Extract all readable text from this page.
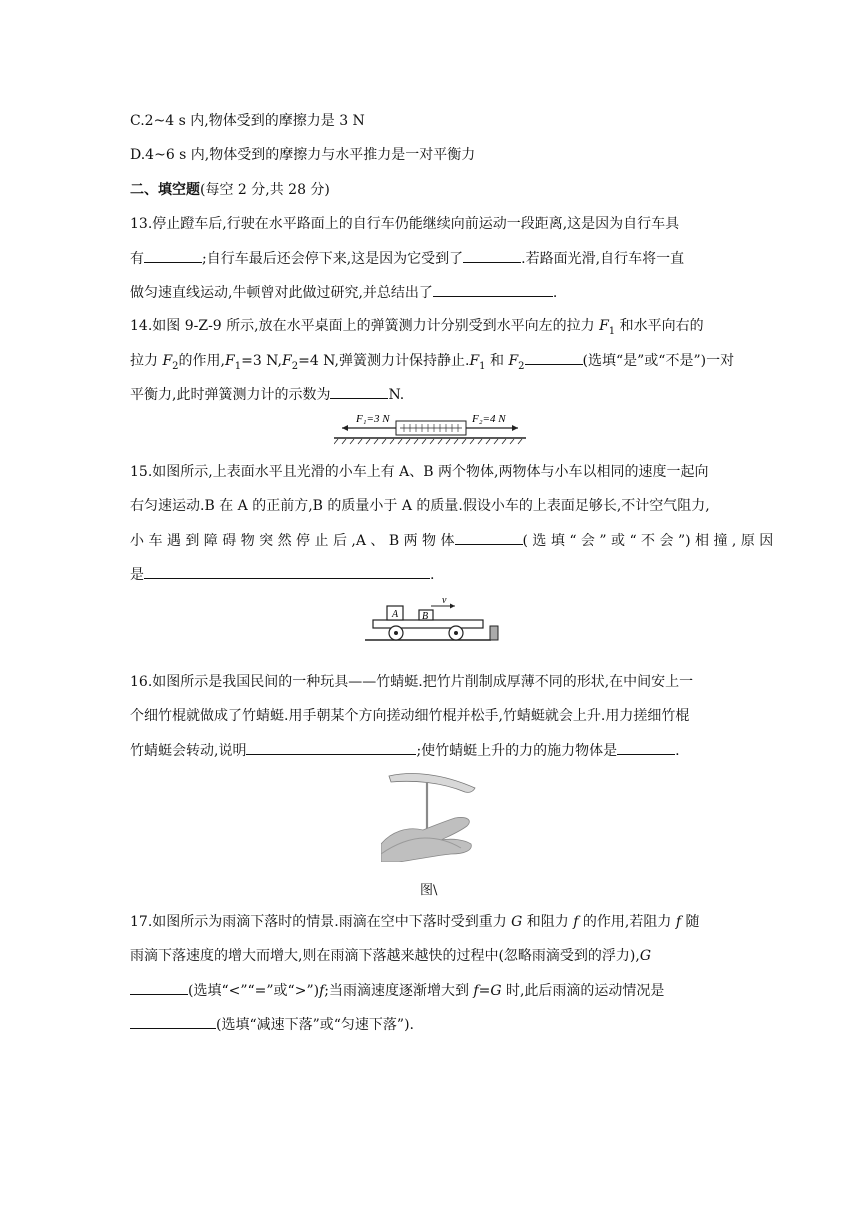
C.2~4 s 内,物体受到的摩擦力是 3 N
D.4~6 s 内,物体受到的摩擦力与水平推力是一对平衡力
二、填空题(每空 2 分,共 28 分)
13.停止蹬车后,行驶在水平路面上的自行车仍能继续向前运动一段距离,这是因为自行车具
有	;自行车最后还会停下来,这是因为它受到了	.若路面光滑,自行车将一直
做匀速直线运动,牛顿曾对此做过研究,并总结出了	.
14.如图 9-Z-9 所示,放在水平桌面上的弹簧测力计分别受到水平向左的拉力 $F_1$ 和水平向右的
拉力 $F_2$的作用$,F_1=3$ $N,F_2=4$ N,弹簧测力计保持静止$.F_1$ 和 $F_2$	(选填“是”或“不是”)一对
平衡力,此时弹簧测力计的示数为	N.
F₁=3 N	F₂=4 N
15.如图所示,上表面水平且光滑的小车上有 A、B 两个物体,两物体与小车以相同的速度一起向
右匀速运动.B 在 A 的正前方,B 的质量小于 A 的质量.假设小车的上表面足够长,不计空气阻力,
小 车 遇 到 障 碍 物 突 然 停 止 后 ,A 、 B 两 物 体	( 选 填 “ 会 ” 或 “ 不 会 ”) 相 撞 , 原 因
是	.
A B
v
16.如图所示是我国民间的一种玩具——竹蜻蜓.把竹片削制成厚薄不同的形状,在中间安上一
个细竹棍就做成了竹蜻蜓.用手朝某个方向搓动细竹棍并松手,竹蜻蜓就会上升.用力搓细竹棍
竹蜻蜓会转动,说明	;使竹蜻蜓上升的力的施力物体是	.
图\
17.如图所示为雨滴下落时的情景.雨滴在空中下落时受到重力 G 和阻力 f 的作用,若阻力 f 随
雨滴下落速度的增大而增大,则在雨滴下落越来越快的过程中(忽略雨滴受到的浮力),G
(选填“<”“=”或“>”)f;当雨滴速度逐渐增大到 f=G 时,此后雨滴的运动情况是
(选填“减速下落”或“匀速下落”).
